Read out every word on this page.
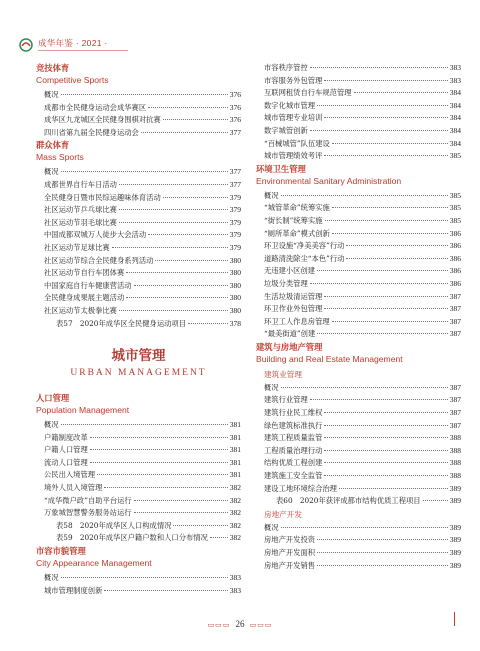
成华年鉴 · 2021 ·
竞技体育
Competitive Sports
概况	376
成都市全民健身运动会成华赛区	376
成华区九龙城区全民健身围棋对抗赛	376
四川省第九届全民健身运动会	377
群众体育
Mass Sports
概况	377
成都世界自行车日活动	377
全民健身日暨市民综运趣味体育活动	379
社区运动节乒乓球比赛	379
社区运动节羽毛球比赛	379
中国成都双城万人徒步大会活动	379
社区运动节足球比赛	379
社区运动节综合全民健身系列活动	380
社区运动节自行车团体赛	380
中国家庭自行车健康营活动	380
全民健身成果展主题活动	380
社区运动节太极拳比赛	380
表57　2020年成华区全民健身运动项目	378
城市管理
URBAN MANAGEMENT
人口管理
Population Management
概况	381
户籍制度改革	381
户籍人口管理	381
流动人口管理	381
公民出入境管理	381
境外人员入境管理	382
“成华微户政”自助平台运行	382
万象城智慧警务服务站运行	382
表58　2020年成华区人口构成情况	382
表59　2020年成华区户籍户数和人口分布情况	382
市容市貌管理
City Appearance Management
概况	383
城市管理制度创新	383
市容秩序管控	383
市容服务外包管理	383
互联网租赁自行车规范管理	384
数字化城市管理	384
城市管理专业培训	384
数字城管创新	384
“百械城管”队伍建设	384
城市管理绩效考评	385
环境卫生管理
Environmental Sanitary Administration
概况	385
“城管革命”统筹实施	385
“街长制”统筹实施	385
“厕所革命”模式创新	386
环卫设施“净美美容”行动	386
道路清洗除尘“本色”行动	386
无违建小区创建	386
垃圾分类管理	386
生活垃圾清运管理	387
环卫作业外包管理	387
环卫工人作息房管理	387
“最美街道”创建	387
建筑与房地产管理
Building and Real Estate Management
建筑业管理
概况	387
建筑行业管理	387
建筑行业民工维权	387
绿色建筑标准执行	387
建筑工程质量监管	388
工程质量治理行动	388
结构优质工程创建	388
建筑施工安全监管	388
建设工地环境综合治理	389
表60　2020年获评成都市结构优质工程项目	389
房地产开发
概况	389
房地产开发投资	389
房地产开发面积	389
房地产开发销售	389
▭▭▭ 26 ▭▭▭
